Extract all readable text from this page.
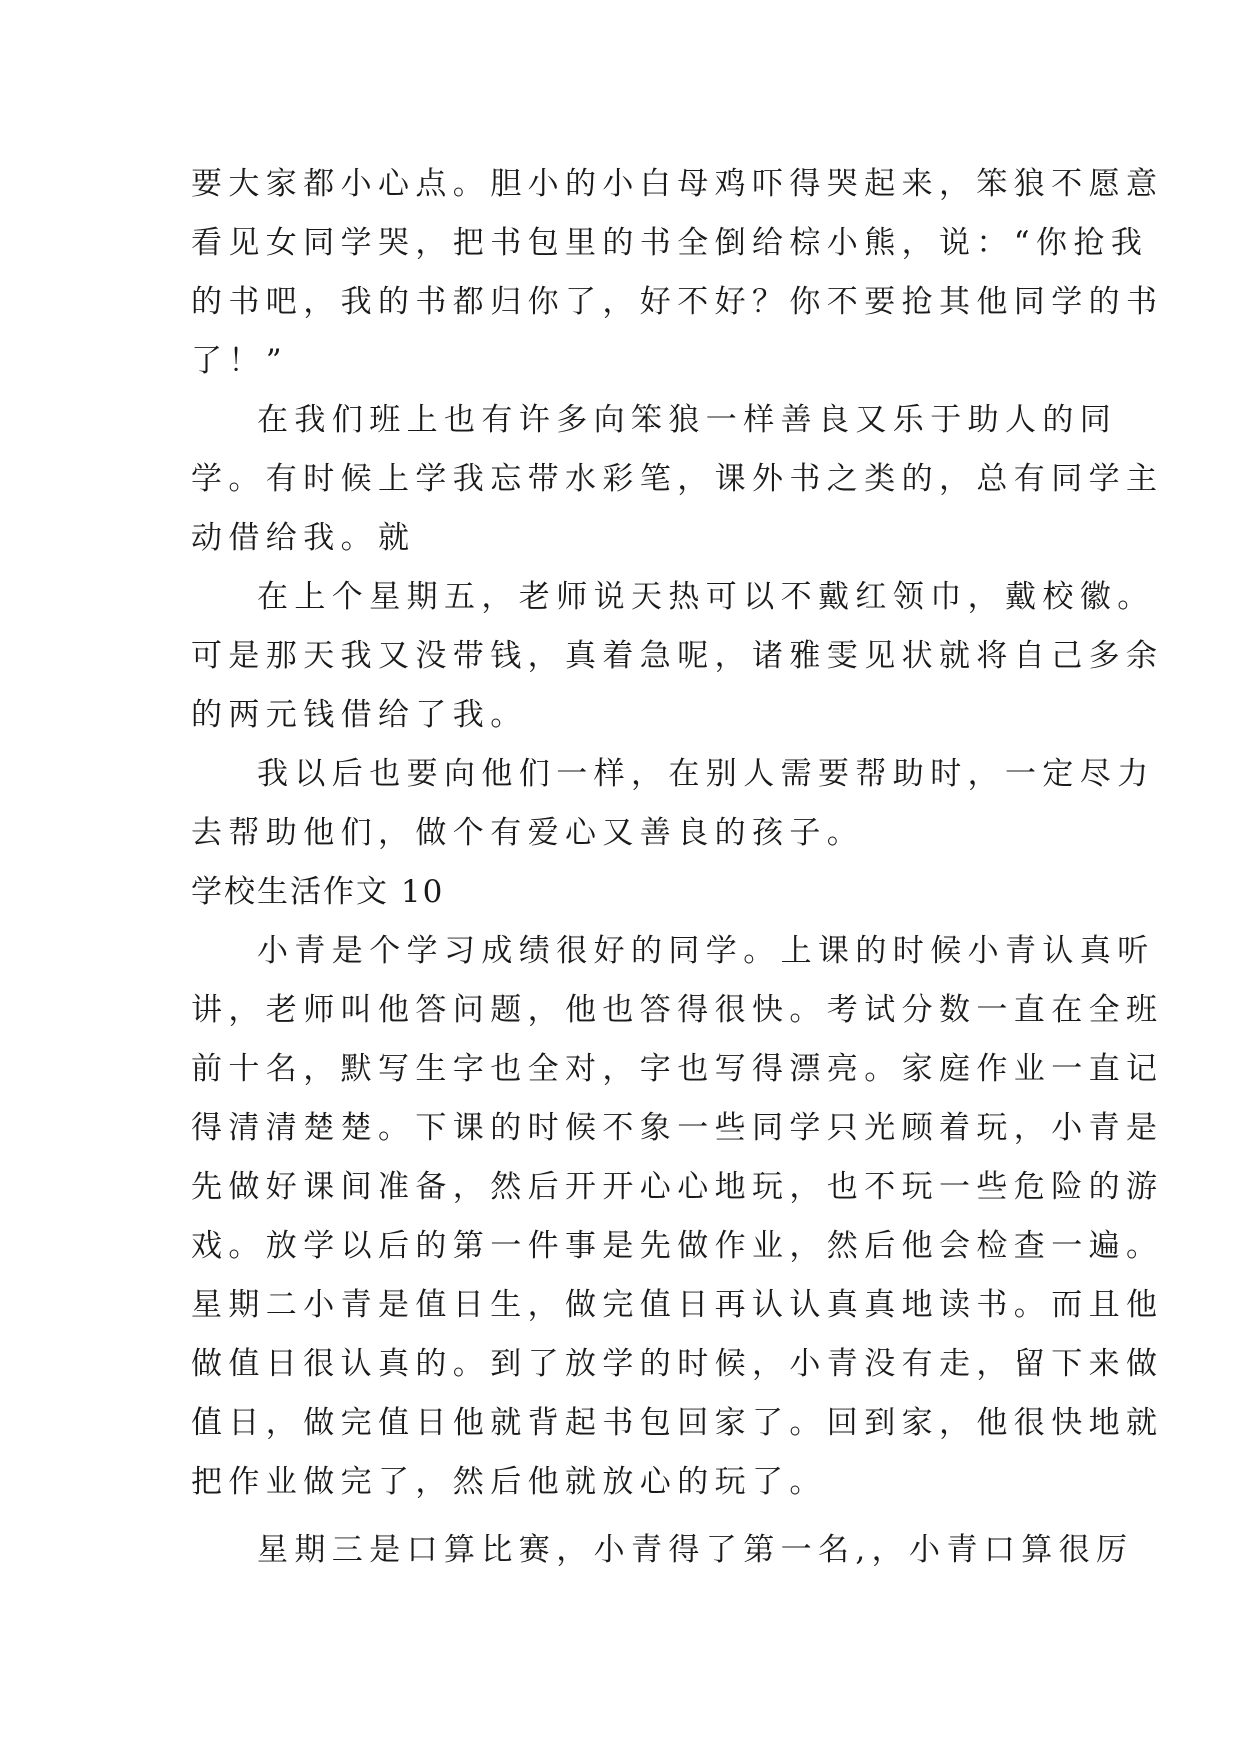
要大家都小心点。胆小的小白母鸡吓得哭起来，笨狼不愿意
看见女同学哭，把书包里的书全倒给棕小熊，说：“你抢我
的书吧，我的书都归你了，好不好？你不要抢其他同学的书
了！”
在我们班上也有许多向笨狼一样善良又乐于助人的同
学。有时候上学我忘带水彩笔，课外书之类的，总有同学主
动借给我。就
在上个星期五，老师说天热可以不戴红领巾，戴校徽。
可是那天我又没带钱，真着急呢，诸雅雯见状就将自己多余
的两元钱借给了我。
我以后也要向他们一样，在别人需要帮助时，一定尽力
去帮助他们，做个有爱心又善良的孩子。
学校生活作文 10
小青是个学习成绩很好的同学。上课的时候小青认真听
讲，老师叫他答问题，他也答得很快。考试分数一直在全班
前十名，默写生字也全对，字也写得漂亮。家庭作业一直记
得清清楚楚。下课的时候不象一些同学只光顾着玩，小青是
先做好课间准备，然后开开心心地玩，也不玩一些危险的游
戏。放学以后的第一件事是先做作业，然后他会检查一遍。
星期二小青是值日生，做完值日再认认真真地读书。而且他
做值日很认真的。到了放学的时候，小青没有走，留下来做
值日，做完值日他就背起书包回家了。回到家，他很快地就
把作业做完了，然后他就放心的玩了。
星期三是口算比赛，小青得了第一名,，小青口算很厉
